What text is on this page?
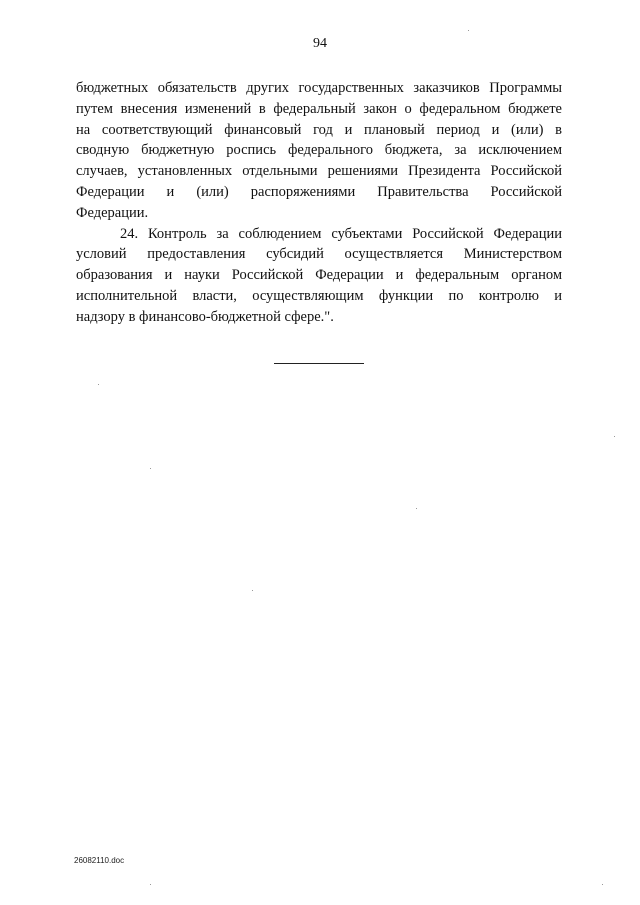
94
бюджетных обязательств других государственных заказчиков Программы
путем внесения изменений в федеральный закон о федеральном бюджете
на соответствующий финансовый год и плановый период и (или) в
сводную бюджетную роспись федерального бюджета, за исключением
случаев, установленных отдельными решениями Президента Российской
Федерации и (или) распоряжениями Правительства Российской
Федерации.
24. Контроль за соблюдением субъектами Российской Федерации
условий предоставления субсидий осуществляется Министерством
образования и науки Российской Федерации и федеральным органом
исполнительной власти, осуществляющим функции по контролю и
надзору в финансово-бюджетной сфере.".
26082110.doc
